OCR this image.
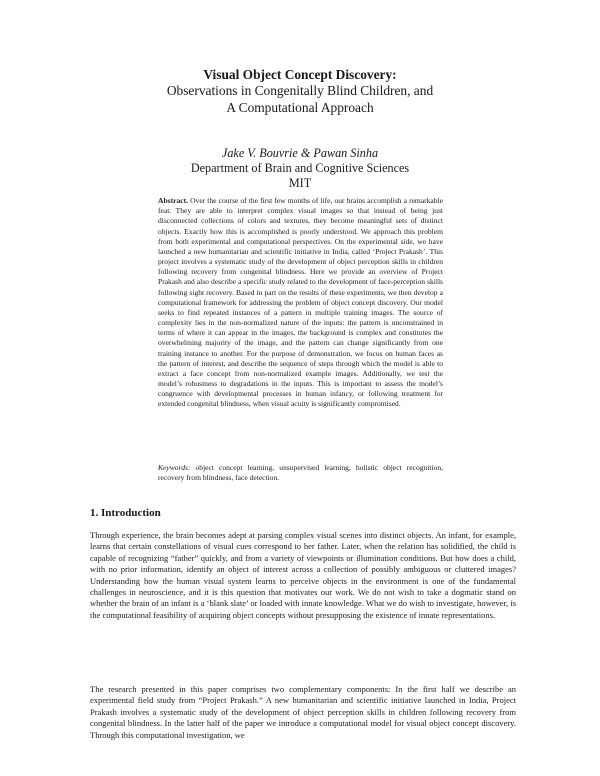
Visual Object Concept Discovery:
Observations in Congenitally Blind Children, and
A Computational Approach
Jake V. Bouvrie & Pawan Sinha
Department of Brain and Cognitive Sciences
MIT

Abstract. Over the course of the first few months of life, our brains accomplish a remarkable feat. They are able to interpret complex visual images so that instead of being just disconnected collections of colors and textures, they become meaningful sets of distinct objects. Exactly how this is accomplished is poorly understood. We approach this problem from both experimental and computational perspectives. On the experimental side, we have launched a new humanitarian and scientific initiative in India, called ‘Project Prakash’. This project involves a systematic study of the development of object perception skills in children following recovery from congenital blindness. Here we provide an overview of Project Prakash and also describe a specific study related to the development of face-perception skills following sight recovery. Based in part on the results of these experiments, we then develop a computational framework for addressing the problem of object concept discovery. Our model seeks to find repeated instances of a pattern in multiple training images. The source of complexity lies in the non-normalized nature of the inputs: the pattern is unconstrained in terms of where it can appear in the images, the background is complex and constitutes the overwhelming majority of the image, and the pattern can change significantly from one training instance to another. For the purpose of demonstration, we focus on human faces as the pattern of interest, and describe the sequence of steps through which the model is able to extract a face concept from non-normalized example images. Additionally, we test the model’s robustness to degradations in the inputs. This is important to assess the model’s congruence with developmental processes in human infancy, or following treatment for extended congenital blindness, when visual acuity is significantly compromised.

Keywords: object concept learning, unsupervised learning, holistic object recognition, recovery from blindness, face detection.
1. Introduction

Through experience, the brain becomes adept at parsing complex visual scenes into distinct objects. An infant, for example, learns that certain constellations of visual cues correspond to her father. Later, when the relation has solidified, the child is capable of recognizing “father” quickly, and from a variety of viewpoints or illumination conditions. But how does a child, with no prior information, identify an object of interest across a collection of possibly ambiguous or cluttered images? Understanding how the human visual system learns to perceive objects in the environment is one of the fundamental challenges in neuroscience, and it is this question that motivates our work. We do not wish to take a dogmatic stand on whether the brain of an infant is a ‘blank slate’ or loaded with innate knowledge. What we do wish to investigate, however, is the computational feasibility of acquiring object concepts without presupposing the existence of innate representations.

The research presented in this paper comprises two complementary components: In the first half we describe an experimental field study from “Project Prakash.” A new humanitarian and scientific initiative launched in India, Project Prakash involves a systematic study of the development of object perception skills in children following recovery from congenital blindness. In the latter half of the paper we introduce a computational model for visual object concept discovery. Through this computational investigation, we
